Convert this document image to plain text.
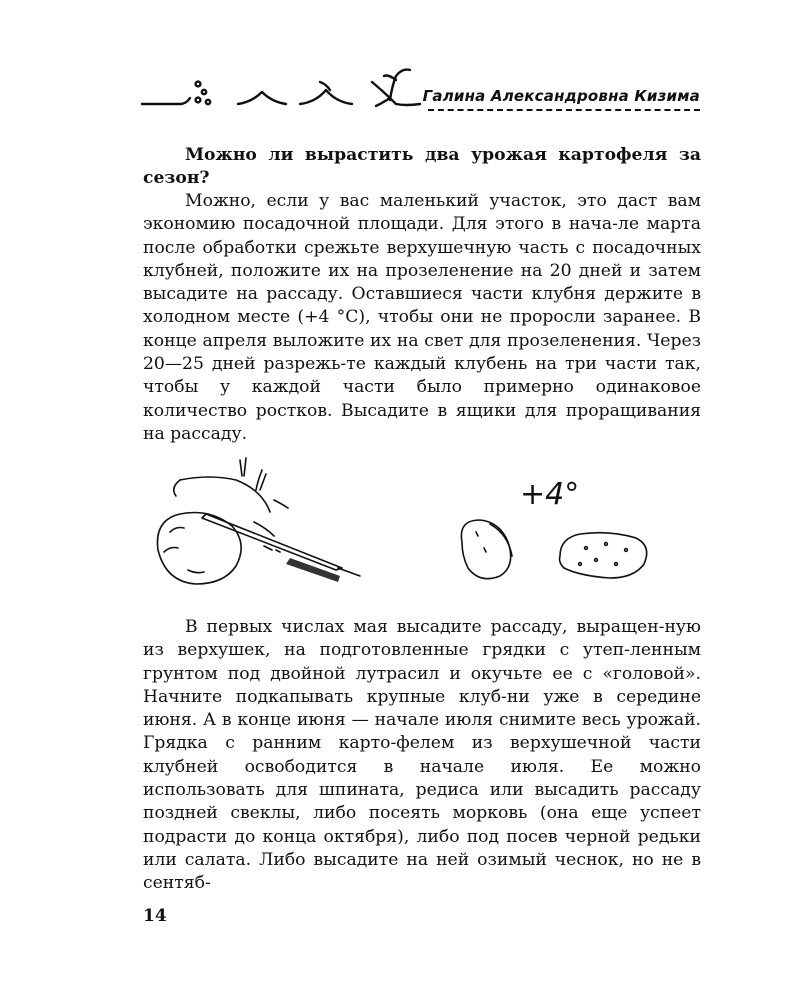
Галина Александровна Кизима

Можно ли вырастить два урожая картофеля за сезон?

Можно, если у вас маленький участок, это даст вам экономию посадочной площади. Для этого в нача-ле марта после обработки срежьте верхушечную часть с посадочных клубней, положите их на прозеленение на 20 дней и затем высадите на рассаду. Оставшиеся части клубня держите в холодном месте (+4 °С), чтобы они не проросли заранее. В конце апреля выложите их на свет для прозеленения. Через 20—25 дней разрежь-те каждый клубень на три части так, чтобы у каждой части было примерно одинаковое количество ростков. Высадите в ящики для проращивания на рассаду.

+4°

В первых числах мая высадите рассаду, выращен-ную из верхушек, на подготовленные грядки с утеп-ленным грунтом под двойной лутрасил и окучьте ее с «головой». Начните подкапывать крупные клуб-ни уже в середине июня. А в конце июня — начале июля снимите весь урожай. Грядка с ранним карто-фелем из верхушечной части клубней освободится в начале июля. Ее можно использовать для шпината, редиса или высадить рассаду поздней свеклы, либо посеять морковь (она еще успеет подрасти до конца октября), либо под посев черной редьки или салата. Либо высадите на ней озимый чеснок, но не в сентяб-

14
